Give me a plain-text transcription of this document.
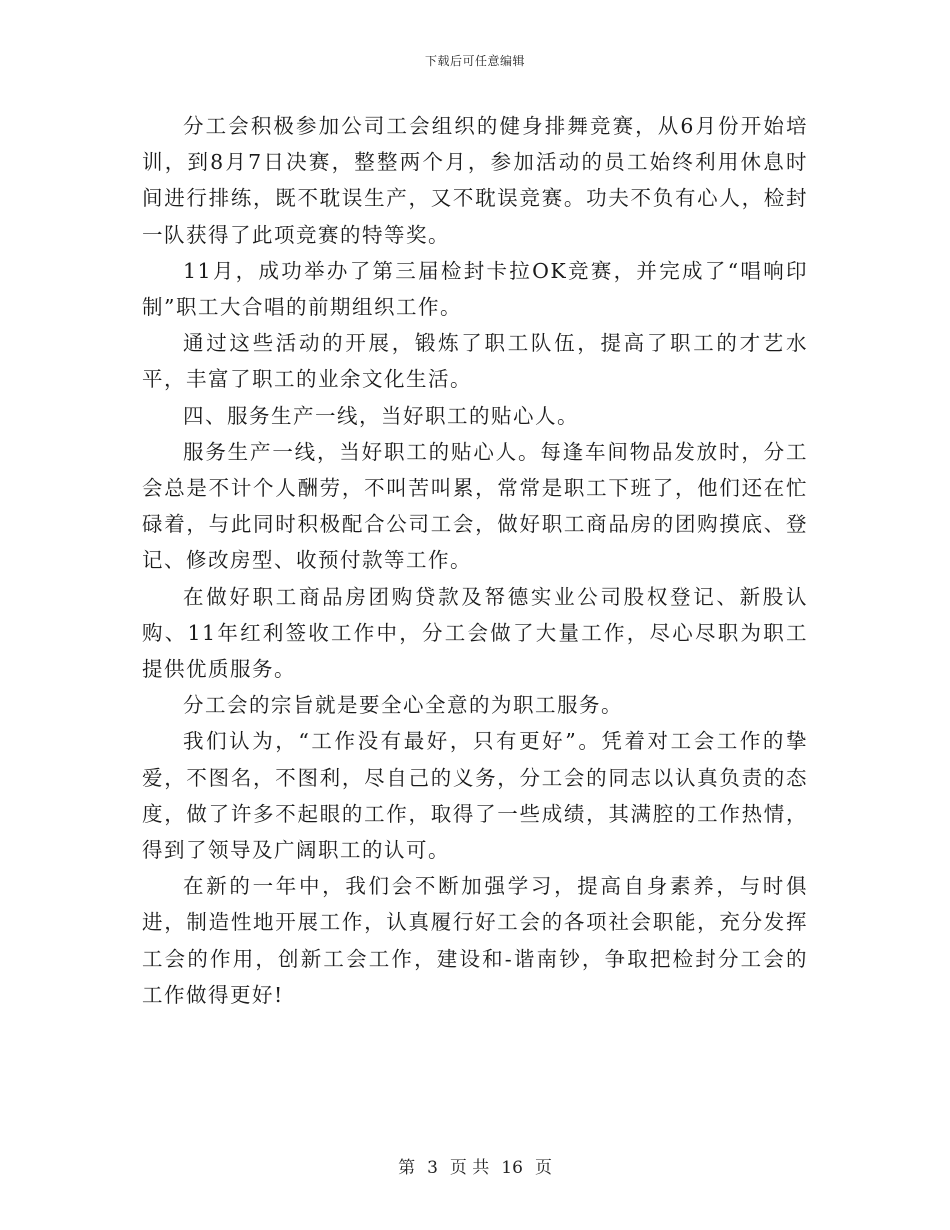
下载后可任意编辑

分工会积极参加公司工会组织的健身排舞竞赛，从6月份开始培训，到8月7日决赛，整整两个月，参加活动的员工始终利用休息时间进行排练，既不耽误生产，又不耽误竞赛。功夫不负有心人，检封一队获得了此项竞赛的特等奖。

11月，成功举办了第三届检封卡拉OK竞赛，并完成了“唱响印制”职工大合唱的前期组织工作。

通过这些活动的开展，锻炼了职工队伍，提高了职工的才艺水平，丰富了职工的业余文化生活。

四、服务生产一线，当好职工的贴心人。

服务生产一线，当好职工的贴心人。每逢车间物品发放时，分工会总是不计个人酬劳，不叫苦叫累，常常是职工下班了，他们还在忙碌着，与此同时积极配合公司工会，做好职工商品房的团购摸底、登记、修改房型、收预付款等工作。

在做好职工商品房团购贷款及帑德实业公司股权登记、新股认购、11年红利签收工作中，分工会做了大量工作，尽心尽职为职工提供优质服务。

分工会的宗旨就是要全心全意的为职工服务。

我们认为，“工作没有最好，只有更好”。凭着对工会工作的挚爱，不图名，不图利，尽自己的义务，分工会的同志以认真负责的态度，做了许多不起眼的工作，取得了一些成绩，其满腔的工作热情，得到了领导及广阔职工的认可。

在新的一年中，我们会不断加强学习，提高自身素养，与时俱进，制造性地开展工作，认真履行好工会的各项社会职能，充分发挥工会的作用，创新工会工作，建设和-谐南钞，争取把检封分工会的工作做得更好!

第 3 页 共 16 页
